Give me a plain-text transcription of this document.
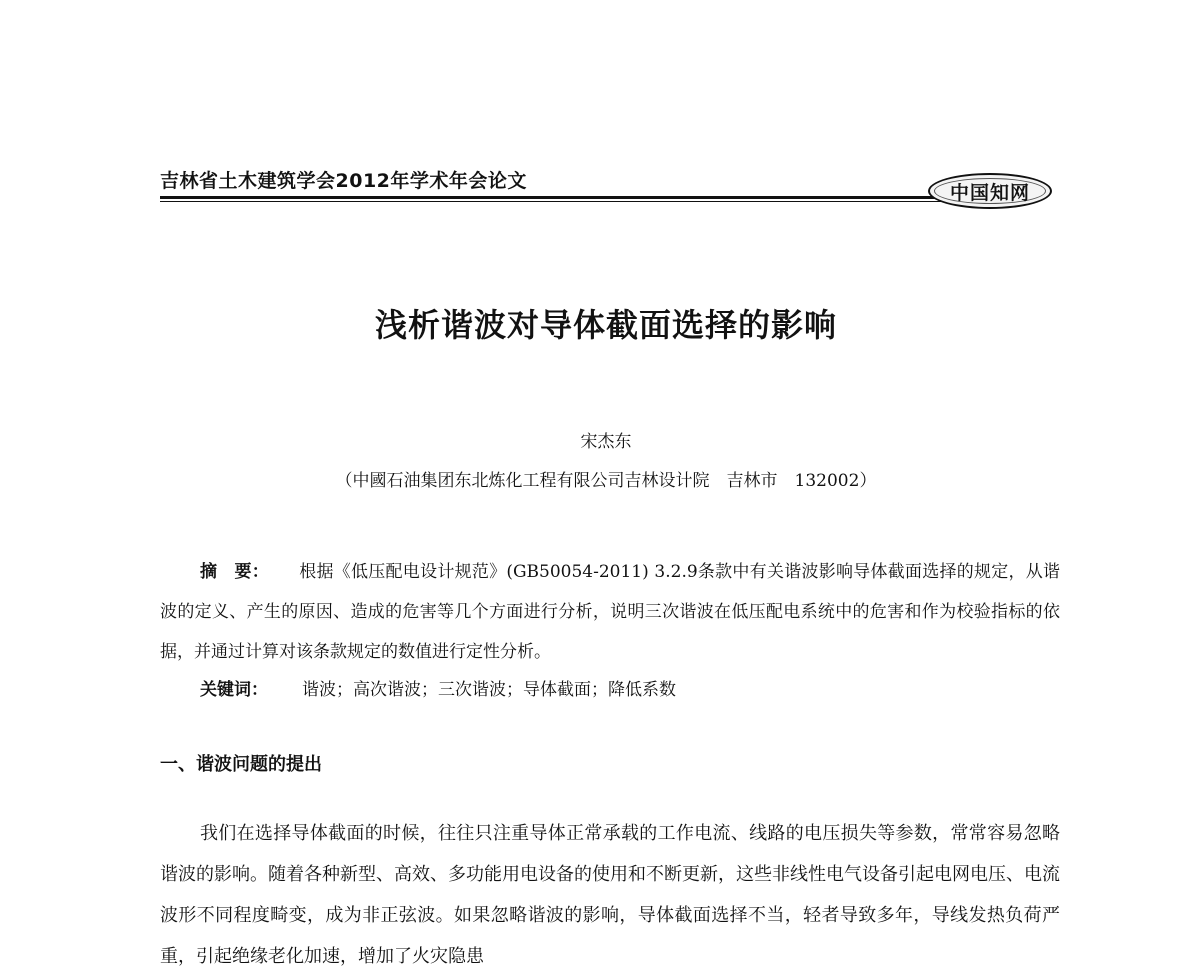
吉林省土木建筑学会2012年学术年会论文
中国知网
浅析谐波对导体截面选择的影响
宋杰东
（中國石油集团东北炼化工程有限公司吉林设计院　吉林市　132002）
摘　要： 根据《低压配电设计规范》(GB50054-2011) 3.2.9条款中有关谐波影响导体截面选择的规定，从谐波的定义、产生的原因、造成的危害等几个方面进行分析，说明三次谐波在低压配电系统中的危害和作为校验指标的依据，并通过计算对该条款规定的数值进行定性分析。
关键词： 谐波；高次谐波；三次谐波；导体截面；降低系数
一、谐波问题的提出
我们在选择导体截面的时候，往往只注重导体正常承载的工作电流、线路的电压损失等参数，常常容易忽略谐波的影响。随着各种新型、高效、多功能用电设备的使用和不断更新，这些非线性电气设备引起电网电压、电流波形不同程度畸变，成为非正弦波。如果忽略谐波的影响，导体截面选择不当，轻者导致多年，导线发热负荷严重，引起绝缘老化加速，增加了火灾隐患
